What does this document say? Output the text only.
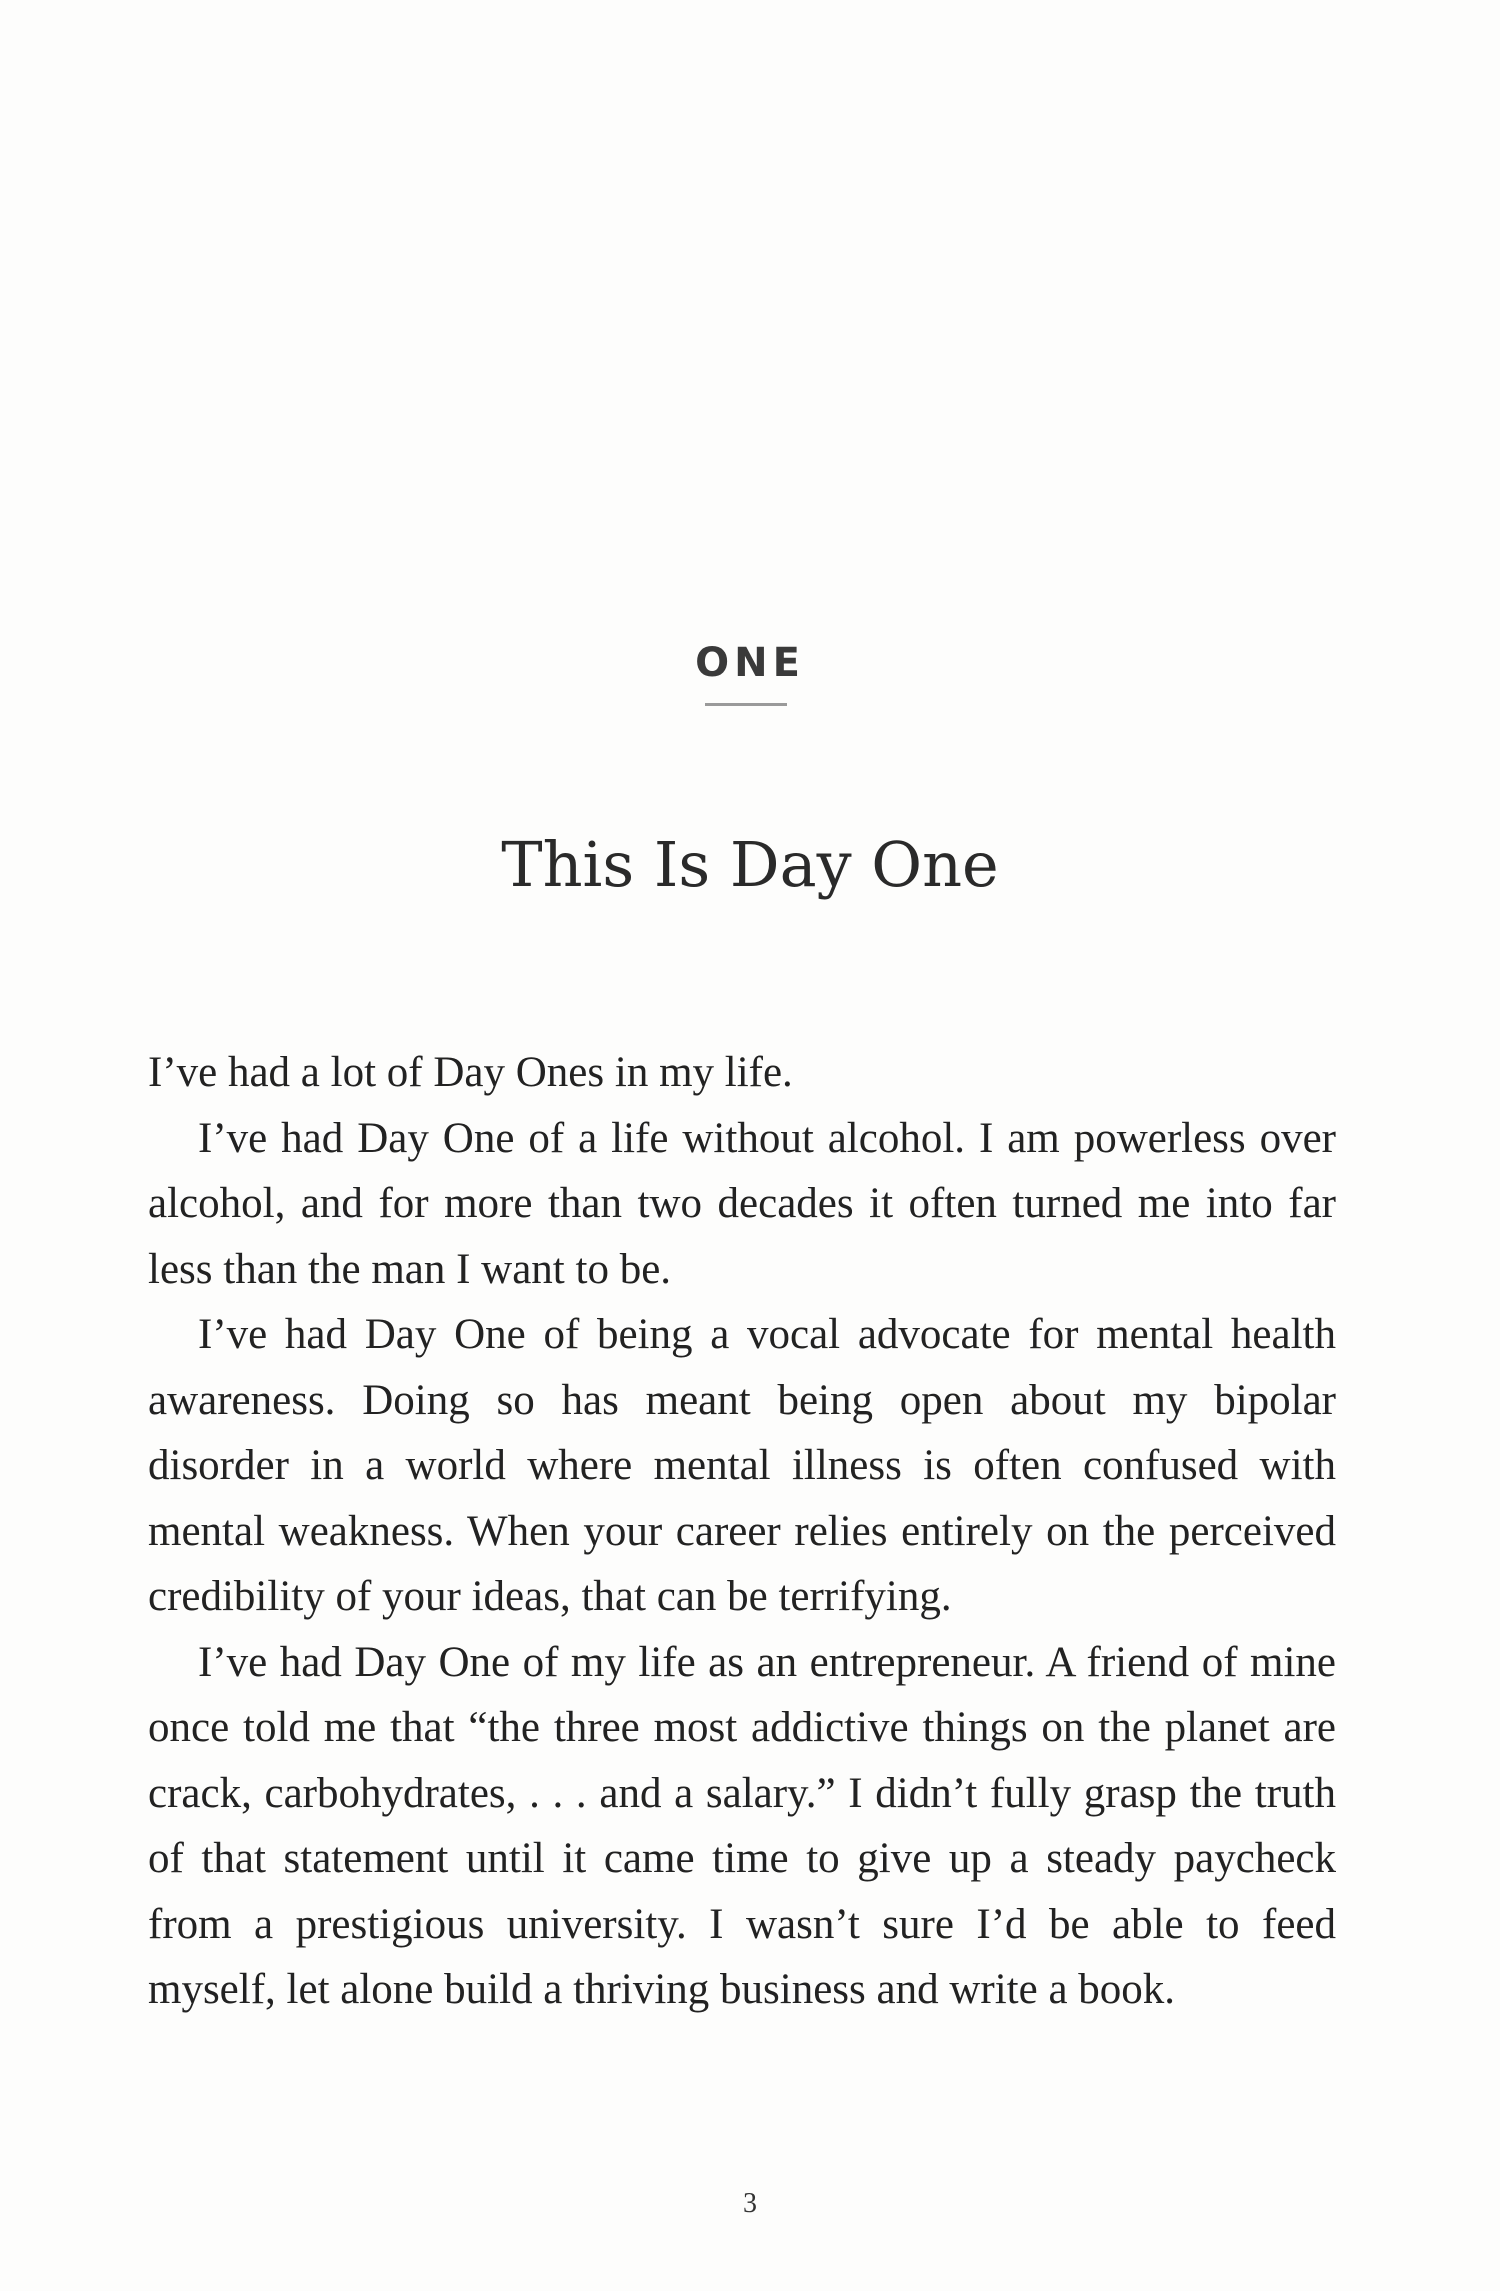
ONE
This Is Day One

I’ve had a lot of Day Ones in my life.

I’ve had Day One of a life without alcohol. I am powerless over alcohol, and for more than two decades it often turned me into far less than the man I want to be.

I’ve had Day One of being a vocal advocate for mental health awareness. Doing so has meant being open about my bipolar disorder in a world where mental illness is often confused with mental weakness. When your career relies entirely on the perceived credibility of your ideas, that can be terrifying.

I’ve had Day One of my life as an entrepreneur. A friend of mine once told me that “the three most addictive things on the planet are crack, carbohydrates, . . . and a salary.” I didn’t fully grasp the truth of that statement until it came time to give up a steady paycheck from a prestigious university. I wasn’t sure I’d be able to feed myself, let alone build a thriving business and write a book.

3
